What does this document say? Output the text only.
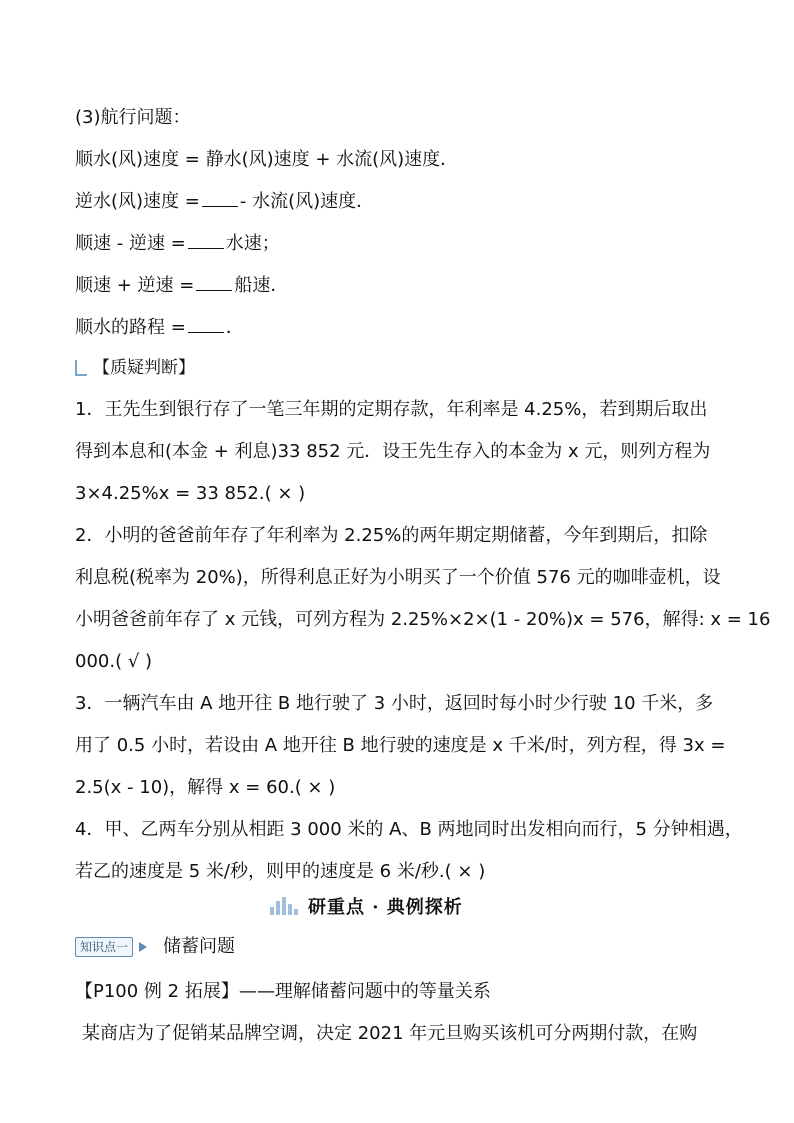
(3)航行问题：
顺水(风)速度 = 静水(风)速度 + 水流(风)速度．
逆水(风)速度 = ‐ 水流(风)速度．
顺速 ‐ 逆速 = 水速；
顺速 + 逆速 = 船速．
顺水的路程 = ．
【质疑判断】
1．王先生到银行存了一笔三年期的定期存款，年利率是 4.25%，若到期后取出
得到本息和(本金 + 利息)33 852 元．设王先生存入的本金为 x 元，则列方程为
3×4.25%x = 33 852.( × )
2．小明的爸爸前年存了年利率为 2.25%的两年期定期储蓄，今年到期后，扣除
利息税(税率为 20%)，所得利息正好为小明买了一个价值 576 元的咖啡壶机，设
小明爸爸前年存了 x 元钱，可列方程为 2.25%×2×(1 ‐ 20%)x = 576，解得: x = 16
000.( √ )
3．一辆汽车由 A 地开往 B 地行驶了 3 小时，返回时每小时少行驶 10 千米，多
用了 0.5 小时，若设由 A 地开往 B 地行驶的速度是 x 千米/时，列方程，得 3x =
2.5(x ‐ 10)，解得 x = 60.( × )
4．甲、乙两车分别从相距 3 000 米的 A、B 两地同时出发相向而行，5 分钟相遇，
若乙的速度是 5 米/秒，则甲的速度是 6 米/秒.( × )
研重点 · 典例探析
知识点一 储蓄问题
【P100 例 2 拓展】——理解储蓄问题中的等量关系
某商店为了促销某品牌空调，决定 2021 年元旦购买该机可分两期付款，在购
